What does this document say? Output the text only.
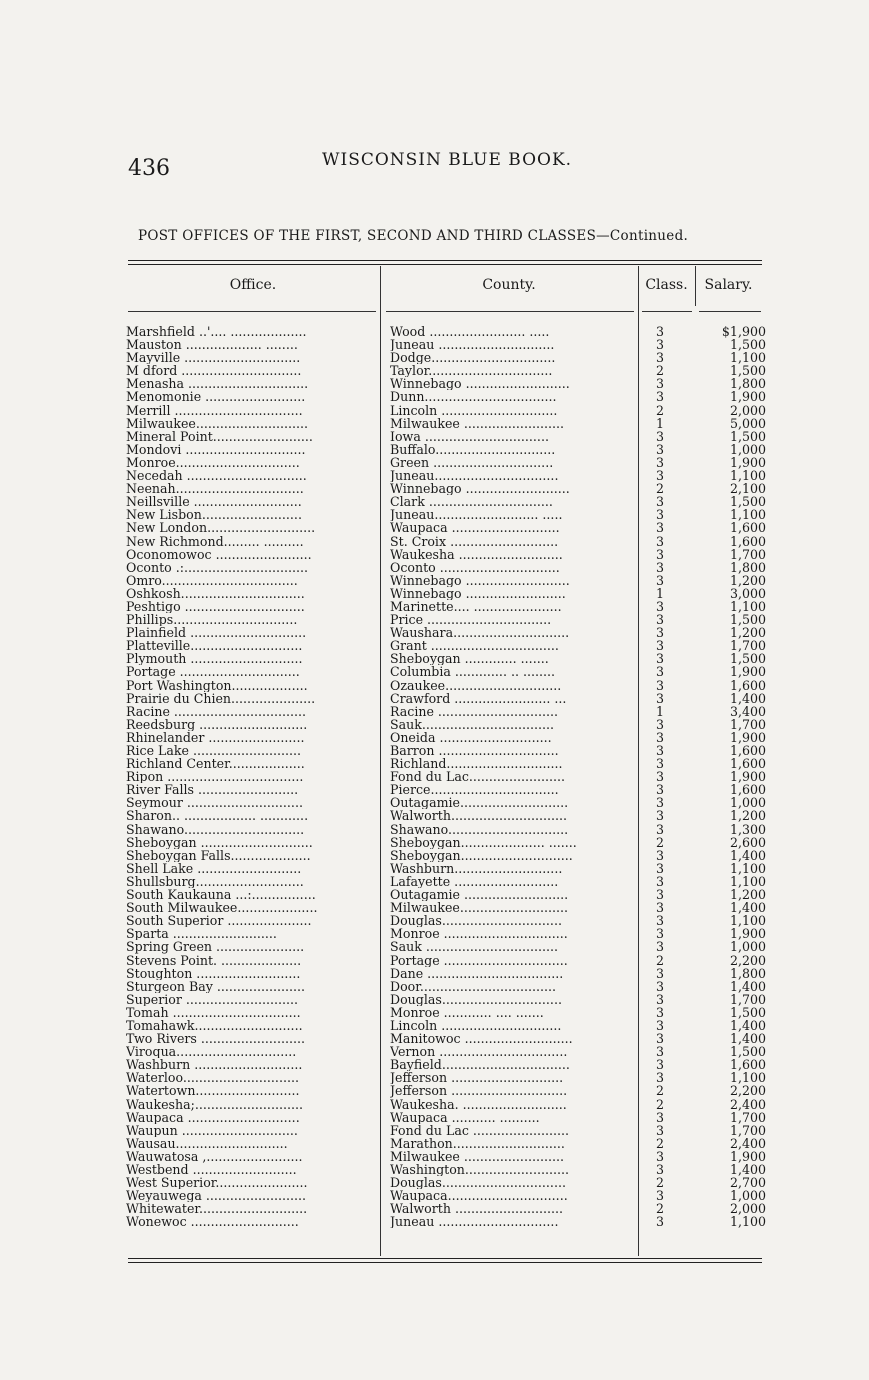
436	WISCONSIN BLUE BOOK.
POST OFFICES OF THE FIRST, SECOND AND THIRD CLASSES—Continued.
Office.	County.	Class.	Salary.
Marshfield ..'.... ...................	Wood ........................ .....	3	$1,900
Mauston ................... ........	Juneau .............................	3	1,500
Mayville .............................	Dodge...............................	3	1,100
M dford ..............................	Taylor...............................	2	1,500
Menasha ..............................	Winnebago ..........................	3	1,800
Menomonie .........................	Dunn.................................	3	1,900
Merrill ................................	Lincoln .............................	2	2,000
Milwaukee............................	Milwaukee .........................	1	5,000
Mineral Point.........................	Iowa ...............................	3	1,500
Mondovi ..............................	Buffalo..............................	3	1,000
Monroe...............................	Green ..............................	3	1,900
Necedah ..............................	Juneau...............................	3	1,100
Neenah................................	Winnebago ..........................	2	2,100
Neillsville ...........................	Clark ...............................	3	1,500
New Lisbon.........................	Juneau.......................... .....	3	1,100
New London...........................	Waupaca ...........................	3	1,600
New Richmond......... ..........	St. Croix ...........................	3	1,600
Oconomowoc ........................	Waukesha ..........................	3	1,700
Oconto .:...............................	Oconto ..............................	3	1,800
Omro..................................	Winnebago ..........................	3	1,200
Oshkosh...............................	Winnebago .........................	1	3,000
Peshtigo ..............................	Marinette.... ......................	3	1,100
Phillips...............................	Price ...............................	3	1,500
Plainfield .............................	Waushara.............................	3	1,200
Platteville............................	Grant ................................	3	1,700
Plymouth ............................	Sheboygan ............. .......	3	1,500
Portage ..............................	Columbia ............. .. ........	3	1,900
Port Washington...................	Ozaukee.............................	3	1,600
Prairie du Chien.....................	Crawford ........................ ...	3	1,400
Racine .................................	Racine ..............................	1	3,400
Reedsburg ...........................	Sauk.................................	3	1,700
Rhinelander ........................	Oneida ............................	3	1,900
Rice Lake ...........................	Barron ..............................	3	1,600
Richland Center...................	Richland.............................	3	1,600
Ripon ..................................	Fond du Lac........................	3	1,900
River Falls .........................	Pierce................................	3	1,600
Seymour .............................	Outagamie...........................	3	1,000
Sharon.. .................. ............	Walworth.............................	3	1,200
Shawano..............................	Shawano..............................	3	1,300
Sheboygan ............................	Sheboygan..................... .......	2	2,600
Sheboygan Falls....................	Sheboygan............................	3	1,400
Shell Lake ..........................	Washburn...........................	3	1,100
Shullsburg...........................	Lafayette ..........................	3	1,100
South Kaukauna ...:................	Outagamie ..........................	3	1,200
South Milwaukee....................	Milwaukee...........................	3	1,400
South Superior .....................	Douglas..............................	3	1,100
Sparta ..........................	Monroe ...............................	3	1,900
Spring Green ......................	Sauk .................................	3	1,000
Stevens Point. ....................	Portage ...............................	2	2,200
Stoughton ..........................	Dane ..................................	3	1,800
Sturgeon Bay ......................	Door..................................	3	1,400
Superior ............................	Douglas..............................	3	1,700
Tomah ................................	Monroe ............ .... .......	3	1,500
Tomahawk...........................	Lincoln ..............................	3	1,400
Two Rivers ..........................	Manitowoc ...........................	3	1,400
Viroqua..............................	Vernon ................................	3	1,500
Washburn ...........................	Bayfield................................	3	1,600
Waterloo.............................	Jefferson ............................	3	1,100
Watertown..........................	Jefferson .............................	2	2,200
Waukesha;...........................	Waukesha. ..........................	2	2,400
Waupaca ............................	Waupaca ........... ..........	3	1,700
Waupun .............................	Fond du Lac ........................	3	1,700
Wausau............................	Marathon............................	2	2,400
Wauwatosa ,........................	Milwaukee .........................	3	1,900
Westbend ..........................	Washington..........................	3	1,400
West Superior.......................	Douglas...............................	2	2,700
Weyauwega .........................	Waupaca..............................	3	1,000
Whitewater...........................	Walworth ...........................	2	2,000
Wonewoc ...........................	Juneau ..............................	3	1,100
